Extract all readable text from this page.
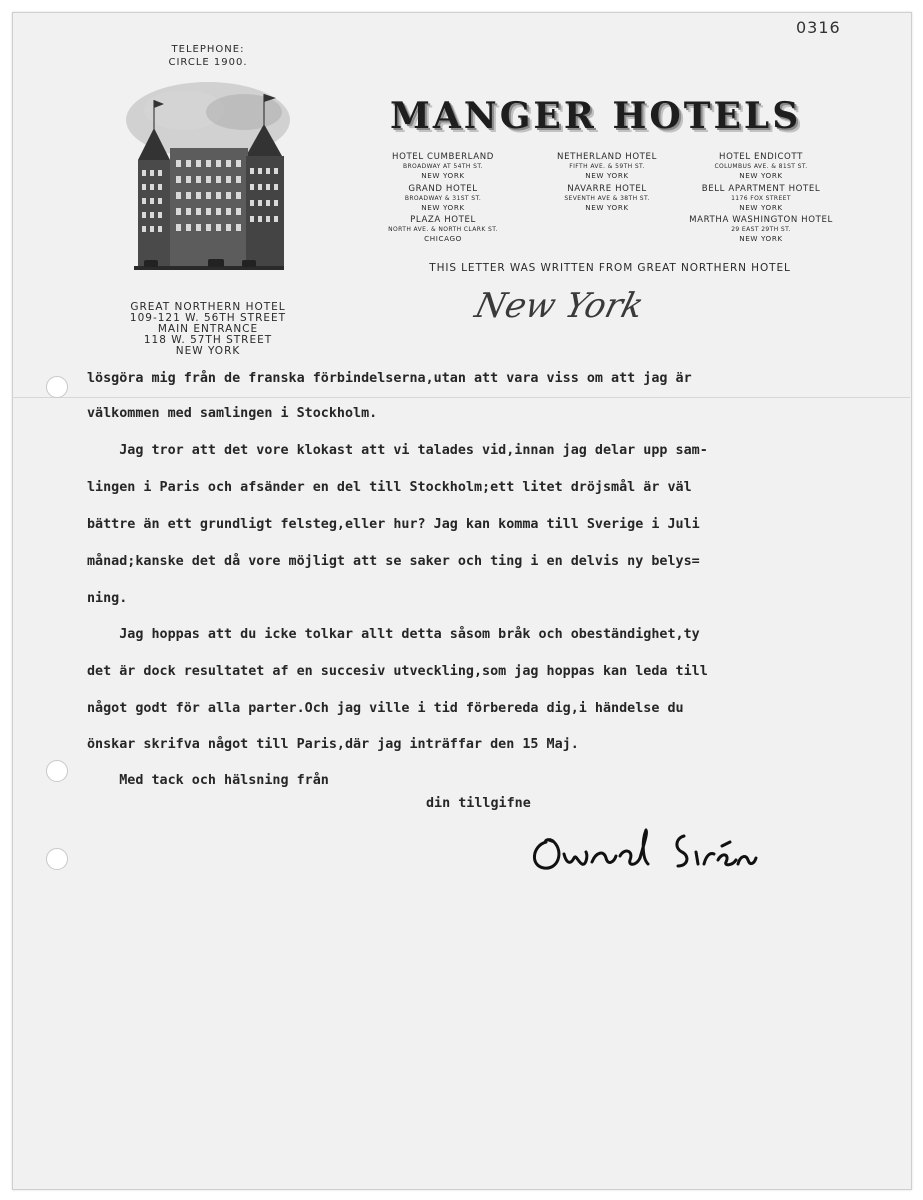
0316
TELEPHONE:
CIRCLE 1900.
GREAT NORTHERN HOTEL
109-121 W. 56TH STREET
MAIN ENTRANCE
118 W. 57TH STREET
NEW YORK
MANGER HOTELS
HOTEL CUMBERLAND
BROADWAY AT 54TH ST.
NEW YORK
NETHERLAND HOTEL
FIFTH AVE. & 59TH ST.
NEW YORK
HOTEL ENDICOTT
COLUMBUS AVE. & 81ST ST.
NEW YORK
GRAND HOTEL
BROADWAY & 31ST ST.
NEW YORK
NAVARRE HOTEL
SEVENTH AVE & 38TH ST.
NEW YORK
BELL APARTMENT HOTEL
1176 FOX STREET
NEW YORK
PLAZA HOTEL
NORTH AVE. & NORTH CLARK ST.
CHICAGO
MARTHA WASHINGTON HOTEL
29 EAST 29TH ST.
NEW YORK
THIS LETTER WAS WRITTEN FROM GREAT NORTHERN HOTEL
New York
lösgöra mig från de franska förbindelserna,utan att vara viss om att jag är
välkommen med samlingen i Stockholm.
Jag tror att det vore klokast att vi talades vid,innan jag delar upp sam-
lingen i Paris och afsänder en del till Stockholm;ett litet dröjsmål är väl
bättre än ett grundligt felsteg,eller hur? Jag kan komma till Sverige i Juli
månad;kanske det då vore möjligt att se saker och ting i en delvis ny belys=
ning.
Jag hoppas att du icke tolkar allt detta såsom bråk och obeständighet,ty
det är dock resultatet af en succesiv utveckling,som jag hoppas kan leda till
något godt för alla parter.Och jag ville i tid förbereda dig,i händelse du
önskar skrifva något till Paris,där jag inträffar den 15 Maj.
Med tack och hälsning från
din tillgifne
